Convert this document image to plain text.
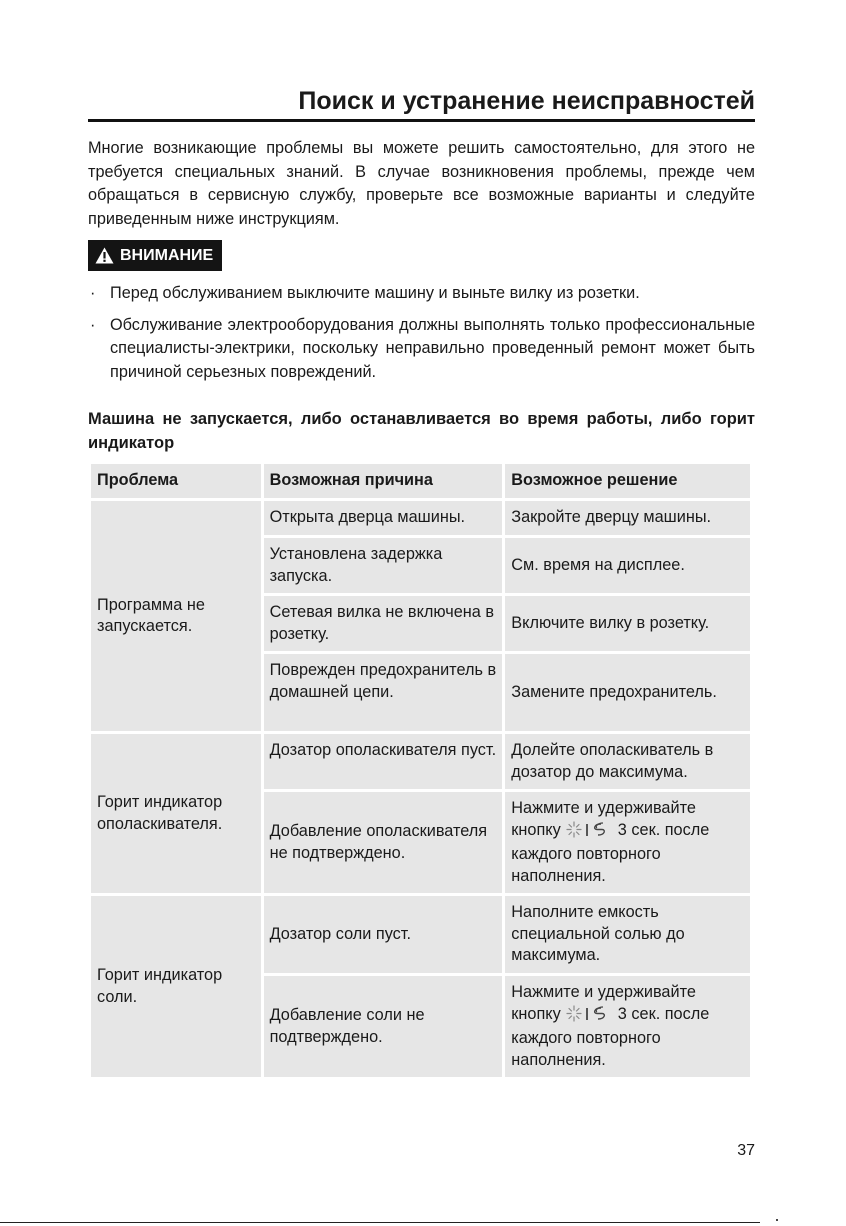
Поиск и устранение неисправностей
Многие возникающие проблемы вы можете решить самостоятельно, для этого не требуется специальных знаний. В случае возникновения проблемы, прежде чем обращаться в сервисную службу, проверьте все возможные варианты и следуйте приведенным ниже инструкциям.
ВНИМАНИЕ
· Перед обслуживанием выключите машину и выньте вилку из розетки.
· Обслуживание электрооборудования должны выполнять только профессиональные специалисты-электрики, поскольку неправильно проведенный ремонт может быть причиной серьезных повреждений.
Машина не запускается, либо останавливается во время работы, либо горит индикатор
Проблема	Возможная причина	Возможное решение
Программа не запускается.	Открыта дверца машины.	Закройте дверцу машины.
	Установлена задержка запуска.	См. время на дисплее.
	Сетевая вилка не включена в розетку.	Включите вилку в розетку.
	Поврежден предохранитель в домашней цепи.	Замените предохранитель.
Горит индикатор ополаскивателя.	Дозатор ополаскивателя пуст.	Долейте ополаскиватель в дозатор до максимума.
	Добавление ополаскивателя не подтверждено.	Нажмите и удерживайте кнопку 3 сек. после каждого повторного наполнения.
Горит индикатор соли.	Дозатор соли пуст.	Наполните емкость специальной солью до максимума.
	Добавление соли не подтверждено.	Нажмите и удерживайте кнопку 3 сек. после каждого повторного наполнения.
37
